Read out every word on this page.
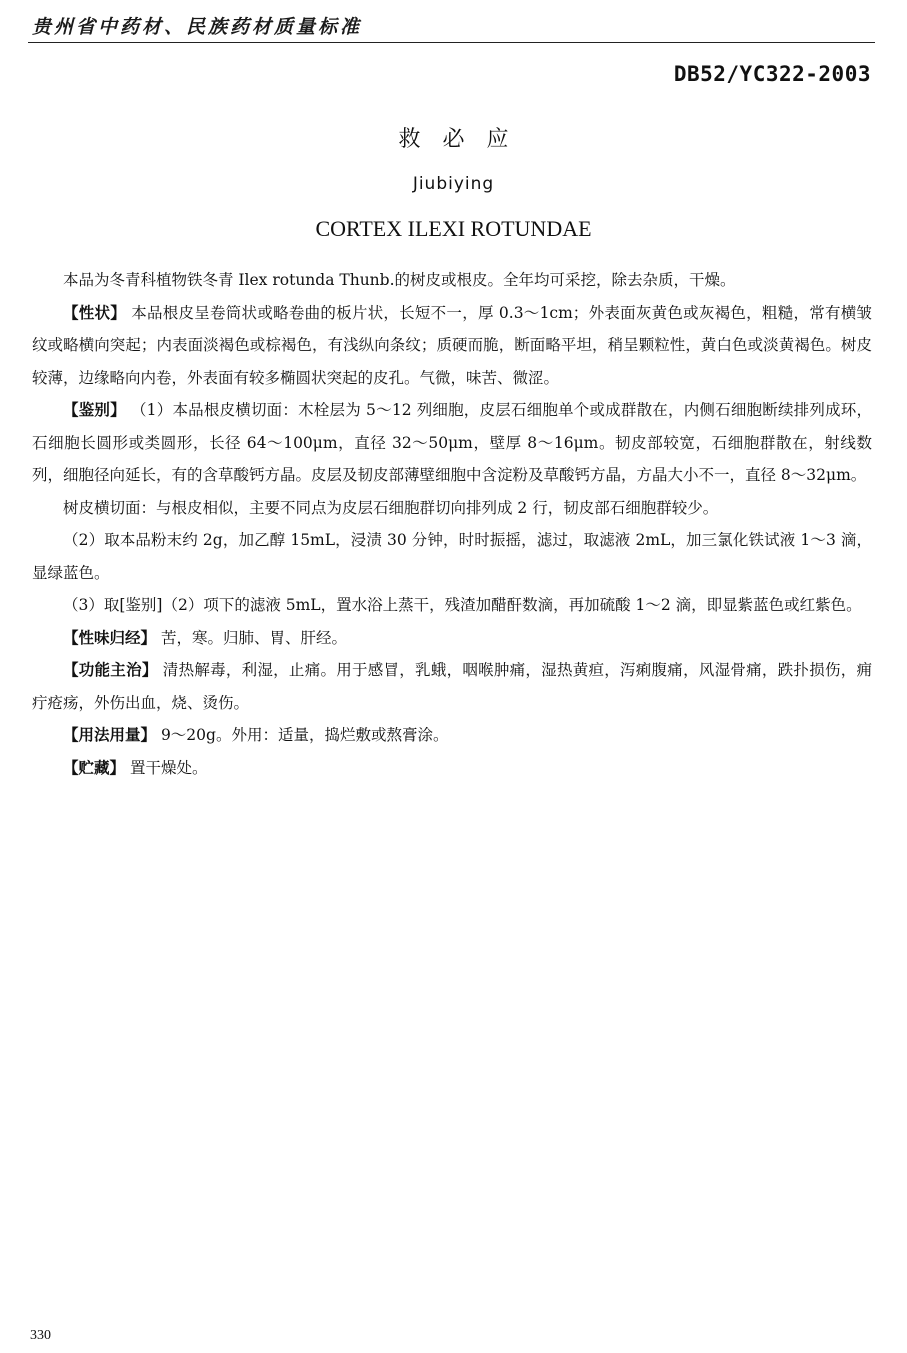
贵州省中药材、民族药材质量标准
DB52/YC322-2003
救必应
Jiubiying
CORTEX ILEXI ROTUNDAE

本品为冬青科植物铁冬青 Ilex rotunda Thunb.的树皮或根皮。全年均可采挖，除去杂质，干燥。

【性状】 本品根皮呈卷筒状或略卷曲的板片状，长短不一，厚 0.3～1cm；外表面灰黄色或灰褐色，粗糙，常有横皱纹或略横向突起；内表面淡褐色或棕褐色，有浅纵向条纹；质硬而脆，断面略平坦，稍呈颗粒性，黄白色或淡黄褐色。树皮较薄，边缘略向内卷，外表面有较多椭圆状突起的皮孔。气微，味苦、微涩。

【鉴别】 （1）本品根皮横切面：木栓层为 5～12 列细胞，皮层石细胞单个或成群散在，内侧石细胞断续排列成环，石细胞长圆形或类圆形，长径 64～100μm，直径 32～50μm，壁厚 8～16μm。韧皮部较宽，石细胞群散在，射线数列，细胞径向延长，有的含草酸钙方晶。皮层及韧皮部薄壁细胞中含淀粉及草酸钙方晶，方晶大小不一，直径 8～32μm。

树皮横切面：与根皮相似，主要不同点为皮层石细胞群切向排列成 2 行，韧皮部石细胞群较少。

（2）取本品粉末约 2g，加乙醇 15mL，浸渍 30 分钟，时时振摇，滤过，取滤液 2mL，加三氯化铁试液 1～3 滴，显绿蓝色。

（3）取[鉴别]（2）项下的滤液 5mL，置水浴上蒸干，残渣加醋酐数滴，再加硫酸 1～2 滴，即显紫蓝色或红紫色。

【性味归经】 苦，寒。归肺、胃、肝经。

【功能主治】 清热解毒，利湿，止痛。用于感冒，乳蛾，咽喉肿痛，湿热黄疸，泻痢腹痛，风湿骨痛，跌扑损伤，痈疔疮疡，外伤出血，烧、烫伤。

【用法用量】 9～20g。外用：适量，捣烂敷或熬膏涂。

【贮藏】 置干燥处。

330
